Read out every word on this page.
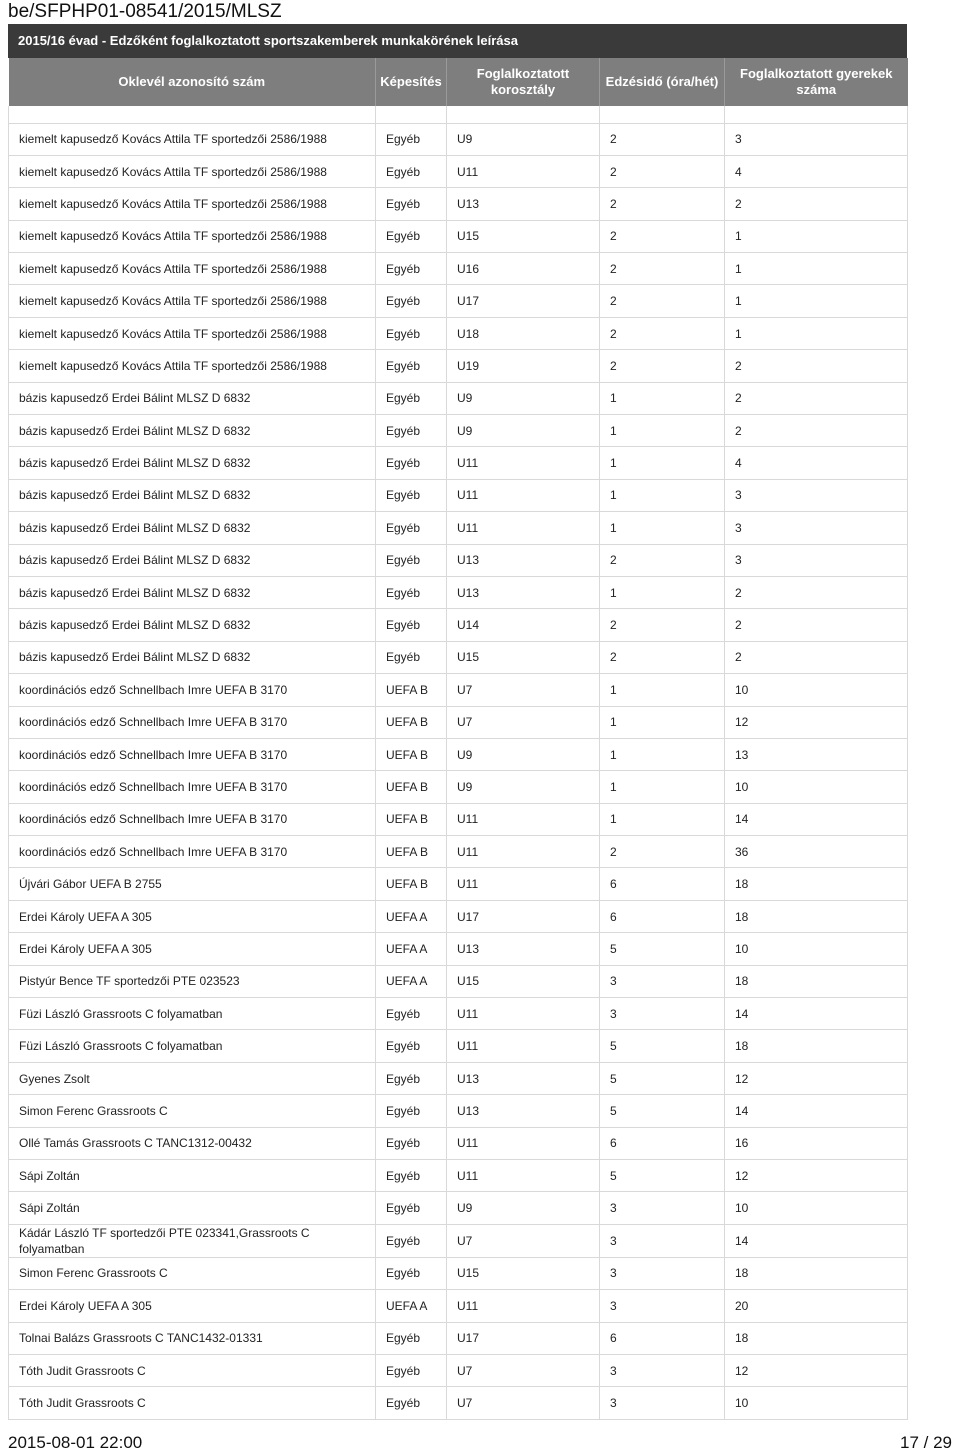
be/SFPHP01-08541/2015/MLSZ
2015/16 évad - Edzőként foglalkoztatott sportszakemberek munkakörének leírása
Oklevél azonosító szám	Képesítés	Foglalkoztatott korosztály	Edzésidő (óra/hét)	Foglalkoztatott gyerekek száma

kiemelt kapusedző Kovács Attila TF sportedzői 2586/1988	Egyéb	U9	2	3
kiemelt kapusedző Kovács Attila TF sportedzői 2586/1988	Egyéb	U11	2	4
kiemelt kapusedző Kovács Attila TF sportedzői 2586/1988	Egyéb	U13	2	2
kiemelt kapusedző Kovács Attila TF sportedzői 2586/1988	Egyéb	U15	2	1
kiemelt kapusedző Kovács Attila TF sportedzői 2586/1988	Egyéb	U16	2	1
kiemelt kapusedző Kovács Attila TF sportedzői 2586/1988	Egyéb	U17	2	1
kiemelt kapusedző Kovács Attila TF sportedzői 2586/1988	Egyéb	U18	2	1
kiemelt kapusedző Kovács Attila TF sportedzői 2586/1988	Egyéb	U19	2	2
bázis kapusedző Erdei Bálint MLSZ D 6832	Egyéb	U9	1	2
bázis kapusedző Erdei Bálint MLSZ D 6832	Egyéb	U9	1	2
bázis kapusedző Erdei Bálint MLSZ D 6832	Egyéb	U11	1	4
bázis kapusedző Erdei Bálint MLSZ D 6832	Egyéb	U11	1	3
bázis kapusedző Erdei Bálint MLSZ D 6832	Egyéb	U11	1	3
bázis kapusedző Erdei Bálint MLSZ D 6832	Egyéb	U13	2	3
bázis kapusedző Erdei Bálint MLSZ D 6832	Egyéb	U13	1	2
bázis kapusedző Erdei Bálint MLSZ D 6832	Egyéb	U14	2	2
bázis kapusedző Erdei Bálint MLSZ D 6832	Egyéb	U15	2	2
koordinációs edző Schnellbach Imre UEFA B 3170	UEFA B	U7	1	10
koordinációs edző Schnellbach Imre UEFA B 3170	UEFA B	U7	1	12
koordinációs edző Schnellbach Imre UEFA B 3170	UEFA B	U9	1	13
koordinációs edző Schnellbach Imre UEFA B 3170	UEFA B	U9	1	10
koordinációs edző Schnellbach Imre UEFA B 3170	UEFA B	U11	1	14
koordinációs edző Schnellbach Imre UEFA B 3170	UEFA B	U11	2	36
Újvári Gábor UEFA B 2755	UEFA B	U11	6	18
Erdei Károly UEFA A 305	UEFA A	U17	6	18
Erdei Károly UEFA A 305	UEFA A	U13	5	10
Pistyúr Bence TF sportedzői PTE 023523	UEFA A	U15	3	18
Füzi László Grassroots C folyamatban	Egyéb	U11	3	14
Füzi László Grassroots C folyamatban	Egyéb	U11	5	18
Gyenes Zsolt	Egyéb	U13	5	12
Simon Ferenc Grassroots C	Egyéb	U13	5	14
Ollé Tamás Grassroots C TANC1312-00432	Egyéb	U11	6	16
Sápi Zoltán	Egyéb	U11	5	12
Sápi Zoltán	Egyéb	U9	3	10
Kádár László TF sportedzői PTE 023341,Grassroots C folyamatban	Egyéb	U7	3	14
Simon Ferenc Grassroots C	Egyéb	U15	3	18
Erdei Károly UEFA A 305	UEFA A	U11	3	20
Tolnai Balázs Grassroots C TANC1432-01331	Egyéb	U17	6	18
Tóth Judit Grassroots C	Egyéb	U7	3	12
Tóth Judit Grassroots C	Egyéb	U7	3	10
2015-08-01 22:00	17 / 29
